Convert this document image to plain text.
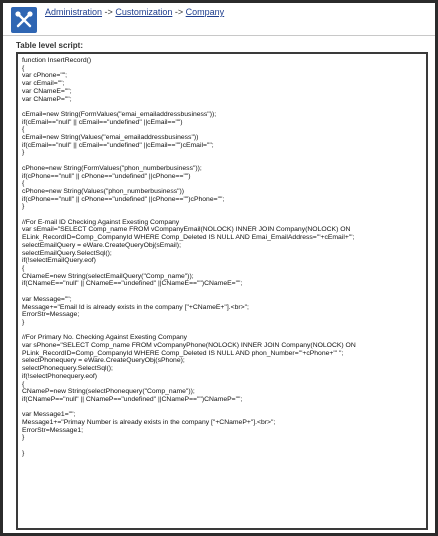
Administration -> Customization -> Company
Table level script:
function InsertRecord()
{
var cPhone="";
var cEmail="";
var CNameE="";
var CNameP="";

cEmail=new String(FormValues("emai_emailaddressbusiness"));
if(cEmail=="null" || cEmail=="undefined" ||cEmail=="")
{
cEmail=new String(Values("emai_emailaddressbusiness"))
if(cEmail=="null" || cEmail=="undefined" ||cEmail=="")cEmail="";
}

cPhone=new String(FormValues("phon_numberbusiness"));
if(cPhone=="null" || cPhone=="undefined" ||cPhone=="")
{
cPhone=new String(Values("phon_numberbusiness"))
if(cPhone=="null" || cPhone=="undefined" ||cPhone=="")cPhone="";
}

//For E-mail ID Checking Against Exesting Company
var sEmail="SELECT Comp_name FROM vCompanyEmail(NOLOCK) INNER JOIN Company(NOLOCK) ON
ELink_RecordID=Comp_CompanyId WHERE Comp_Deleted IS NULL AND Emai_EmailAddress='"+cEmail+"';
selectEmailQuery = eWare.CreateQueryObj(sEmail);
selectEmailQuery.SelectSql();
if(!selectEmailQuery.eof)
{
CNameE=new String(selectEmailQuery("Comp_name"));
if(CNameE=="null" || CNameE=="undefined" ||CNameE=="")CNameE="";

var Message="";
Message+="Email Id is already exists in the company ["+CNameE+"].<br>";
ErrorStr=Message;
}

//For Primary No. Checking Against Exesting Company
var sPhone="SELECT Comp_name FROM vCompanyPhone(NOLOCK) INNER JOIN Company(NOLOCK) ON
PLink_RecordID=Comp_CompanyId WHERE Comp_Deleted IS NULL AND phon_Number='"+cPhone+"' ";
selectPhonequery = eWare.CreateQueryObj(sPhone);
selectPhonequery.SelectSql();
if(!selectPhonequery.eof)
{
CNameP=new String(selectPhonequery("Comp_name"));
if(CNameP=="null" || CNameP=="undefined" ||CNameP=="")CNameP="";

var Message1="";
Message1+="Primay Number is already exists in the company ["+CNameP+"].<br>";
ErrorStr=Message1;
}

}
